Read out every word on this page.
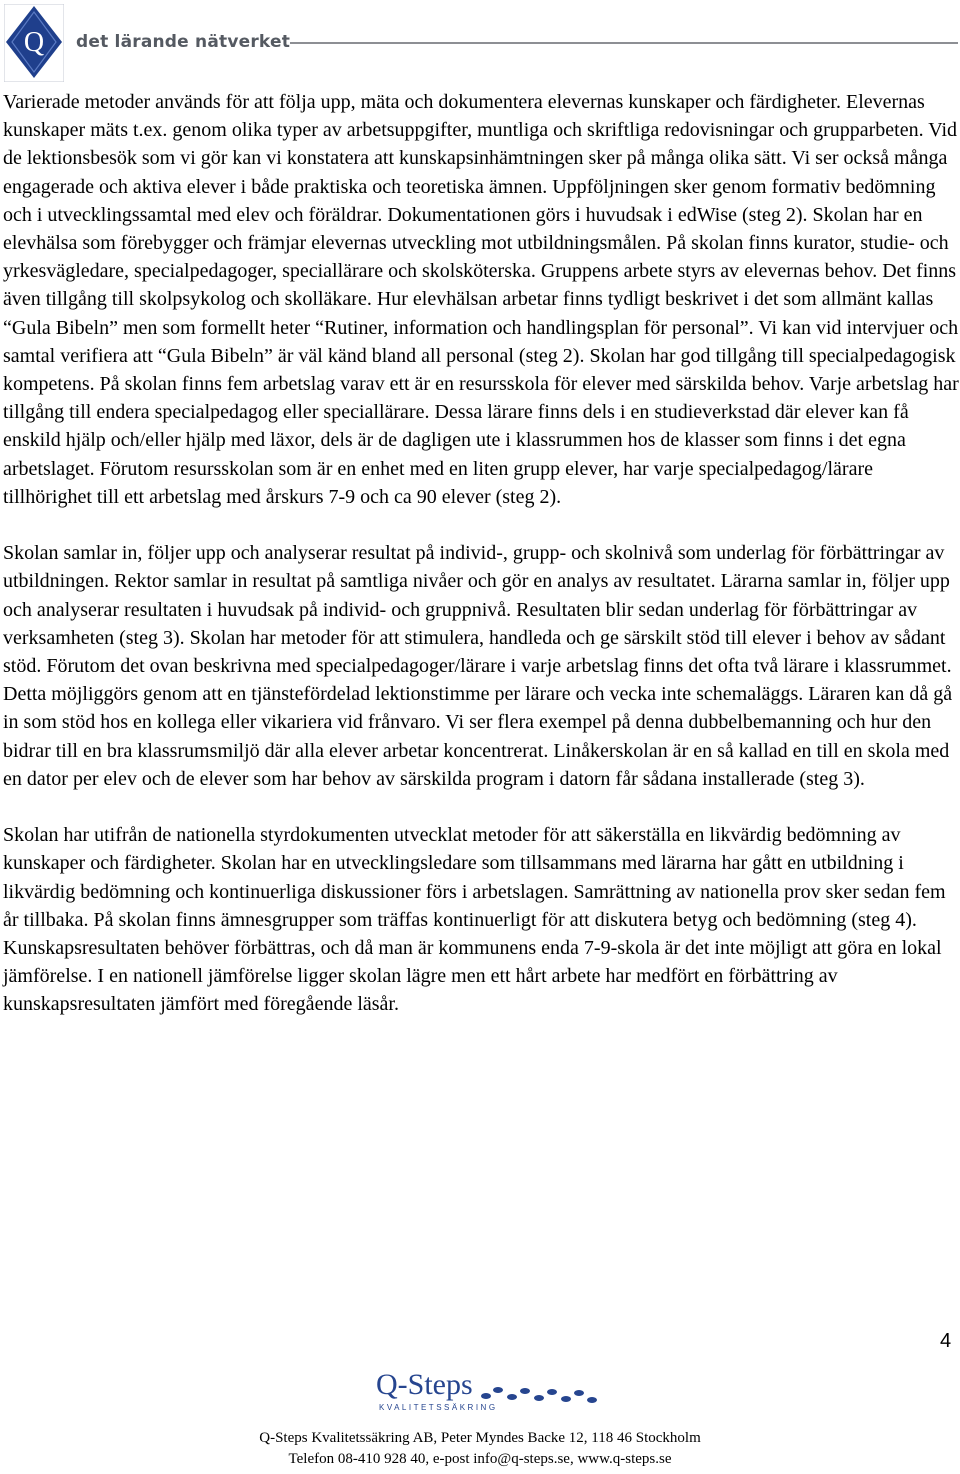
Q det lärande nätverket

Varierade metoder används för att följa upp, mäta och dokumentera elevernas kunskaper och färdigheter. Elevernas kunskaper mäts t.ex. genom olika typer av arbetsuppgifter, muntliga och skriftliga redovisningar och grupparbeten. Vid de lektionsbesök som vi gör kan vi konstatera att kunskapsinhämtningen sker på många olika sätt. Vi ser också många engagerade och aktiva elever i både praktiska och teoretiska ämnen. Uppföljningen sker genom formativ bedömning och i utvecklingssamtal med elev och föräldrar. Dokumentationen görs i huvudsak i edWise (steg 2). Skolan har en elevhälsa som förebygger och främjar elevernas utveckling mot utbildningsmålen. På skolan finns kurator, studie- och yrkesvägledare, specialpedagoger, speciallärare och skolsköterska. Gruppens arbete styrs av elevernas behov. Det finns även tillgång till skolpsykolog och skolläkare. Hur elevhälsan arbetar finns tydligt beskrivet i det som allmänt kallas “Gula Bibeln” men som formellt heter “Rutiner, information och handlingsplan för personal”. Vi kan vid intervjuer och samtal verifiera att “Gula Bibeln” är väl känd bland all personal (steg 2). Skolan har god tillgång till specialpedagogisk kompetens. På skolan finns fem arbetslag varav ett är en resursskola för elever med särskilda behov. Varje arbetslag har tillgång till endera specialpedagog eller speciallärare. Dessa lärare finns dels i en studieverkstad där elever kan få enskild hjälp och/eller hjälp med läxor, dels är de dagligen ute i klassrummen hos de klasser som finns i det egna arbetslaget. Förutom resursskolan som är en enhet med en liten grupp elever, har varje specialpedagog/lärare tillhörighet till ett arbetslag med årskurs 7-9 och ca 90 elever (steg 2).

Skolan samlar in, följer upp och analyserar resultat på individ-, grupp- och skolnivå som underlag för förbättringar av utbildningen. Rektor samlar in resultat på samtliga nivåer och gör en analys av resultatet. Lärarna samlar in, följer upp och analyserar resultaten i huvudsak på individ- och gruppnivå. Resultaten blir sedan underlag för förbättringar av verksamheten (steg 3). Skolan har metoder för att stimulera, handleda och ge särskilt stöd till elever i behov av sådant stöd. Förutom det ovan beskrivna med specialpedagoger/lärare i varje arbetslag finns det ofta två lärare i klassrummet. Detta möjliggörs genom att en tjänstefördelad lektionstimme per lärare och vecka inte schemaläggs. Läraren kan då gå in som stöd hos en kollega eller vikariera vid frånvaro. Vi ser flera exempel på denna dubbelbemanning och hur den bidrar till en bra klassrumsmiljö där alla elever arbetar koncentrerat. Linåkerskolan är en så kallad en till en skola med en dator per elev och de elever som har behov av särskilda program i datorn får sådana installerade (steg 3).

Skolan har utifrån de nationella styrdokumenten utvecklat metoder för att säkerställa en likvärdig bedömning av kunskaper och färdigheter. Skolan har en utvecklingsledare som tillsammans med lärarna har gått en utbildning i likvärdig bedömning och kontinuerliga diskussioner förs i arbetslagen. Samrättning av nationella prov sker sedan fem år tillbaka. På skolan finns ämnesgrupper som träffas kontinuerligt för att diskutera betyg och bedömning (steg 4). Kunskapsresultaten behöver förbättras, och då man är kommunens enda 7-9-skola är det inte möjligt att göra en lokal jämförelse. I en nationell jämförelse ligger skolan lägre men ett hårt arbete har medfört en förbättring av kunskapsresultaten jämfört med föregående läsår.

4
Q-Steps
KVALITETSSÄKRING
Q-Steps Kvalitetssäkring AB, Peter Myndes Backe 12, 118 46 Stockholm
Telefon 08-410 928 40, e-post info@q-steps.se, www.q-steps.se
